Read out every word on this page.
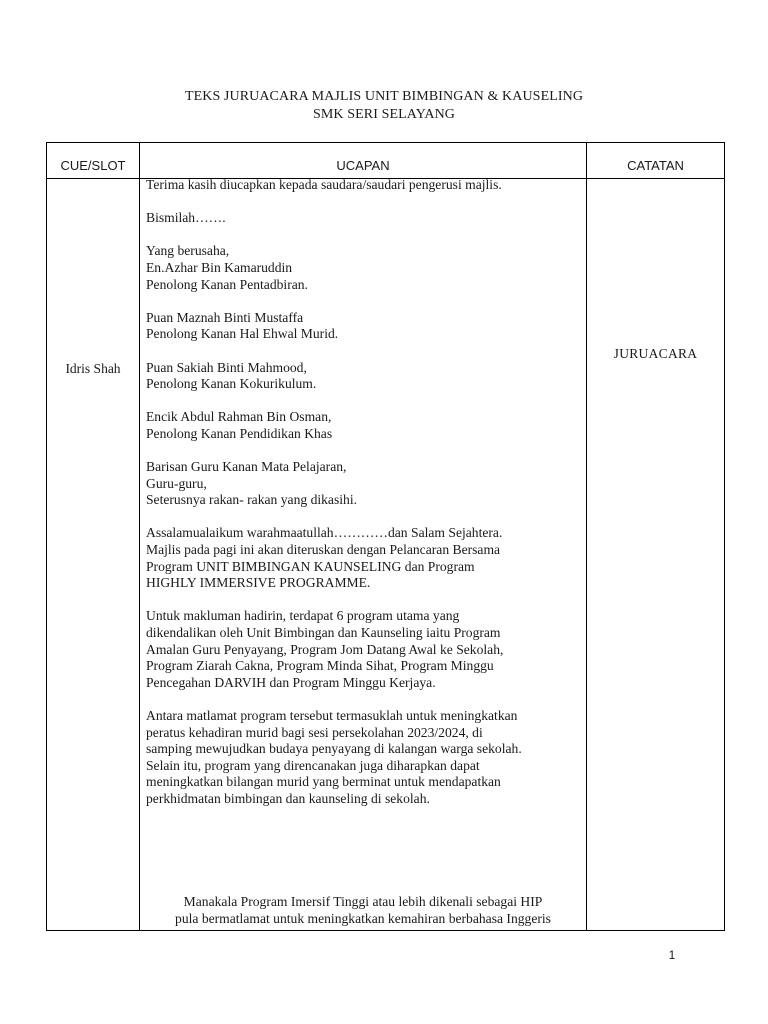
TEKS JURUACARA MAJLIS UNIT BIMBINGAN & KAUSELING
SMK SERI SELAYANG
CUE/SLOT	UCAPAN	CATATAN
Idris Shah
JURUACARA
Terima kasih diucapkan kepada saudara/saudari pengerusi majlis.
Bismilah…….
Yang berusaha,
En.Azhar Bin Kamaruddin
Penolong Kanan Pentadbiran.
Puan Maznah Binti Mustaffa
Penolong Kanan Hal Ehwal Murid.
Puan Sakiah Binti Mahmood,
Penolong Kanan Kokurikulum.
Encik Abdul Rahman Bin Osman,
Penolong Kanan Pendidikan Khas
Barisan Guru Kanan Mata Pelajaran,
Guru-guru,
Seterusnya rakan- rakan yang dikasihi.
Assalamualaikum warahmaatullah…………dan Salam Sejahtera.
Majlis pada pagi ini akan diteruskan dengan Pelancaran Bersama
Program UNIT BIMBINGAN KAUNSELING dan Program
HIGHLY IMMERSIVE PROGRAMME.
Untuk makluman hadirin, terdapat 6 program utama yang
dikendalikan oleh Unit Bimbingan dan Kaunseling iaitu Program
Amalan Guru Penyayang, Program Jom Datang Awal ke Sekolah,
Program Ziarah Cakna, Program Minda Sihat, Program Minggu
Pencegahan DARVIH dan Program Minggu Kerjaya.
Antara matlamat program tersebut termasuklah untuk meningkatkan
peratus kehadiran murid bagi sesi persekolahan 2023/2024, di
samping mewujudkan budaya penyayang di kalangan warga sekolah.
Selain itu, program yang direncanakan juga diharapkan dapat
meningkatkan bilangan murid yang berminat untuk mendapatkan
perkhidmatan bimbingan dan kaunseling di sekolah.
Manakala Program Imersif Tinggi atau lebih dikenali sebagai HIP
pula bermatlamat untuk meningkatkan kemahiran berbahasa Inggeris
1
